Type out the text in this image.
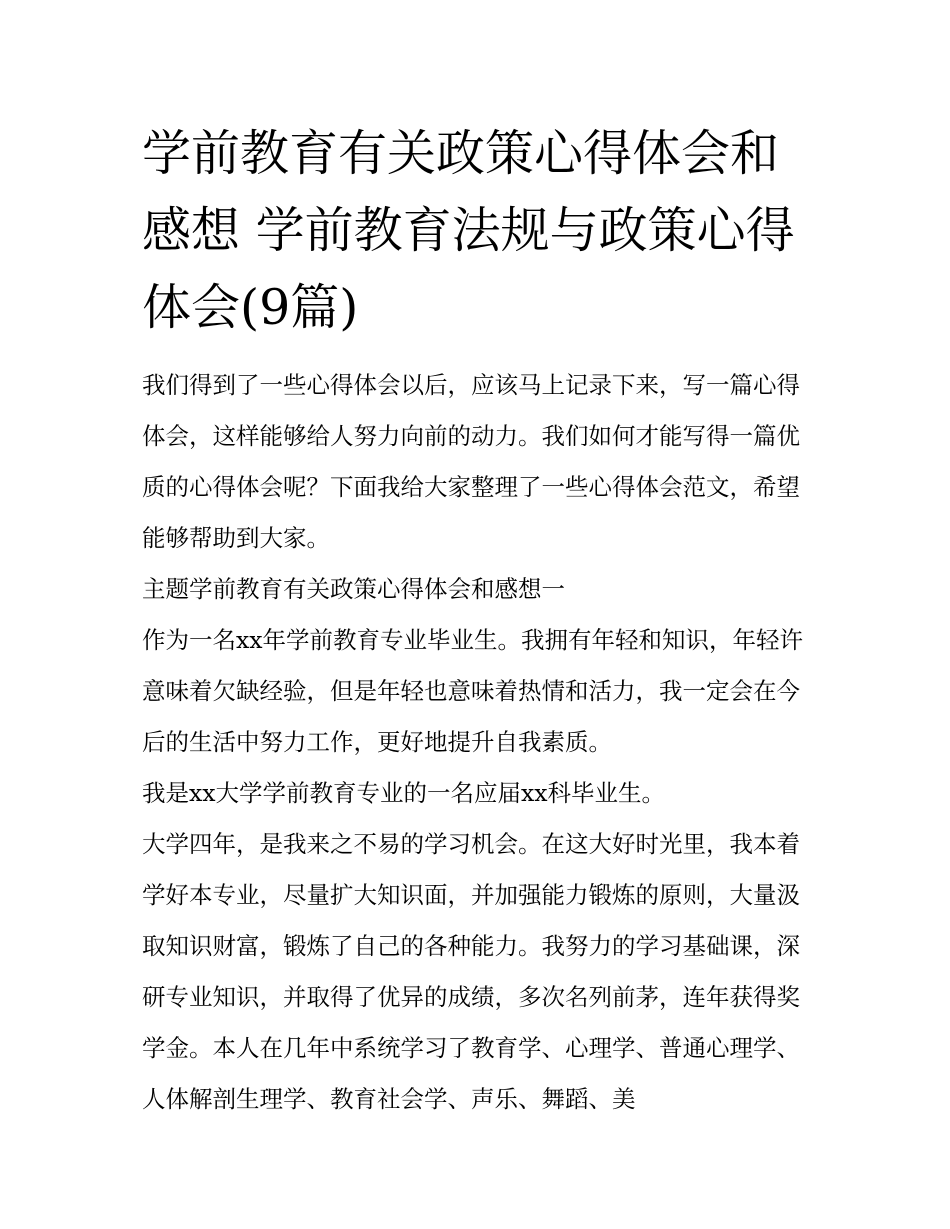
学前教育有关政策心得体会和感想 学前教育法规与政策心得体会(9篇)

我们得到了一些心得体会以后，应该马上记录下来，写一篇心得体会，这样能够给人努力向前的动力。我们如何才能写得一篇优质的心得体会呢？下面我给大家整理了一些心得体会范文，希望能够帮助到大家。

主题学前教育有关政策心得体会和感想一

作为一名xx年学前教育专业毕业生。我拥有年轻和知识，年轻许意味着欠缺经验，但是年轻也意味着热情和活力，我一定会在今后的生活中努力工作，更好地提升自我素质。

我是xx大学学前教育专业的一名应届xx科毕业生。

大学四年，是我来之不易的学习机会。在这大好时光里，我本着学好本专业，尽量扩大知识面，并加强能力锻炼的原则，大量汲取知识财富，锻炼了自己的各种能力。我努力的学习基础课，深研专业知识，并取得了优异的成绩，多次名列前茅，连年获得奖学金。本人在几年中系统学习了教育学、心理学、普通心理学、人体解剖生理学、教育社会学、声乐、舞蹈、美
